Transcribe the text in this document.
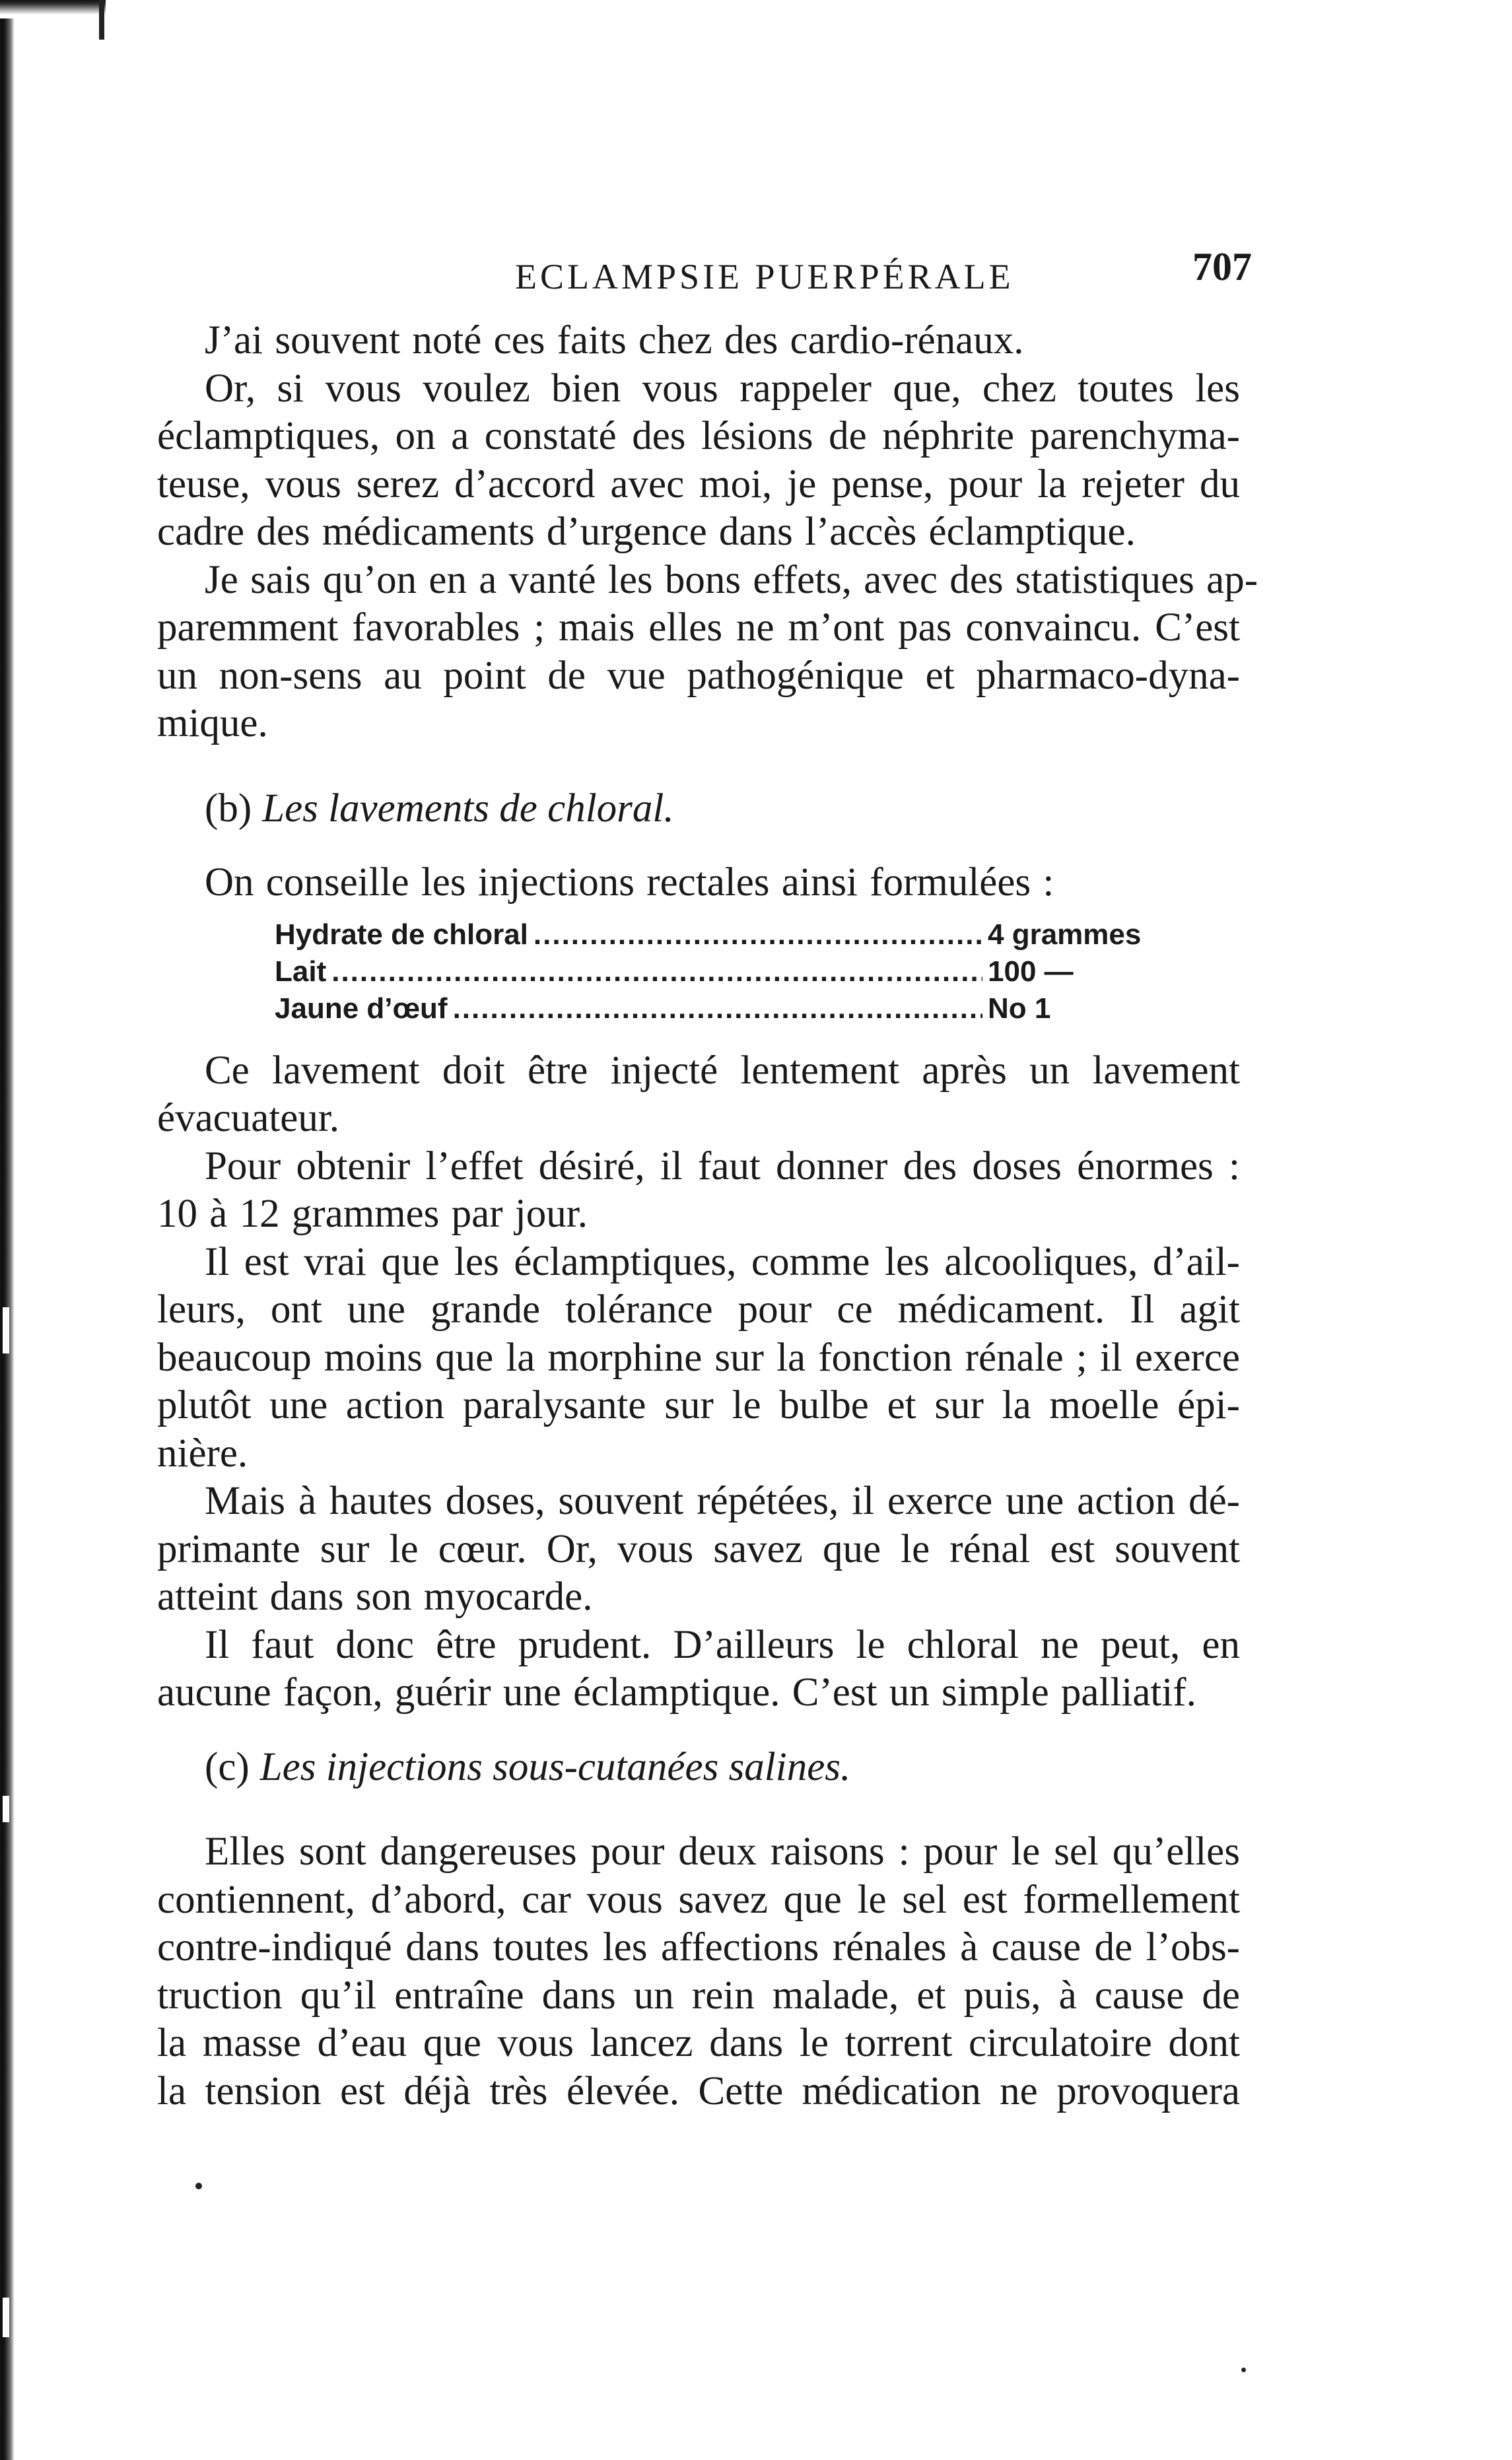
ECLAMPSIE PUERPÉRALE	707
J’ai souvent noté ces faits chez des cardio-rénaux.
Or, si vous voulez bien vous rappeler que, chez toutes les
éclamptiques, on a constaté des lésions de néphrite parenchyma-
teuse, vous serez d’accord avec moi, je pense, pour la rejeter du
cadre des médicaments d’urgence dans l’accès éclamptique.
Je sais qu’on en a vanté les bons effets, avec des statistiques ap-
paremment favorables ; mais elles ne m’ont pas convaincu. C’est
un non-sens au point de vue pathogénique et pharmaco-dyna-
mique.
(b) Les lavements de chloral.
On conseille les injections rectales ainsi formulées :
Hydrate de chloral .....	4 grammes
Lait .....	100 —
Jaune d’œuf .....	No 1
Ce lavement doit être injecté lentement après un lavement
évacuateur.
Pour obtenir l’effet désiré, il faut donner des doses énormes :
10 à 12 grammes par jour.
Il est vrai que les éclamptiques, comme les alcooliques, d’ail-
leurs, ont une grande tolérance pour ce médicament. Il agit
beaucoup moins que la morphine sur la fonction rénale ; il exerce
plutôt une action paralysante sur le bulbe et sur la moelle épi-
nière.
Mais à hautes doses, souvent répétées, il exerce une action dé-
primante sur le cœur. Or, vous savez que le rénal est souvent
atteint dans son myocarde.
Il faut donc être prudent. D’ailleurs le chloral ne peut, en
aucune façon, guérir une éclamptique. C’est un simple palliatif.
(c) Les injections sous-cutanées salines.
Elles sont dangereuses pour deux raisons : pour le sel qu’elles
contiennent, d’abord, car vous savez que le sel est formellement
contre-indiqué dans toutes les affections rénales à cause de l’obs-
truction qu’il entraîne dans un rein malade, et puis, à cause de
la masse d’eau que vous lancez dans le torrent circulatoire dont
la tension est déjà très élevée. Cette médication ne provoquera
